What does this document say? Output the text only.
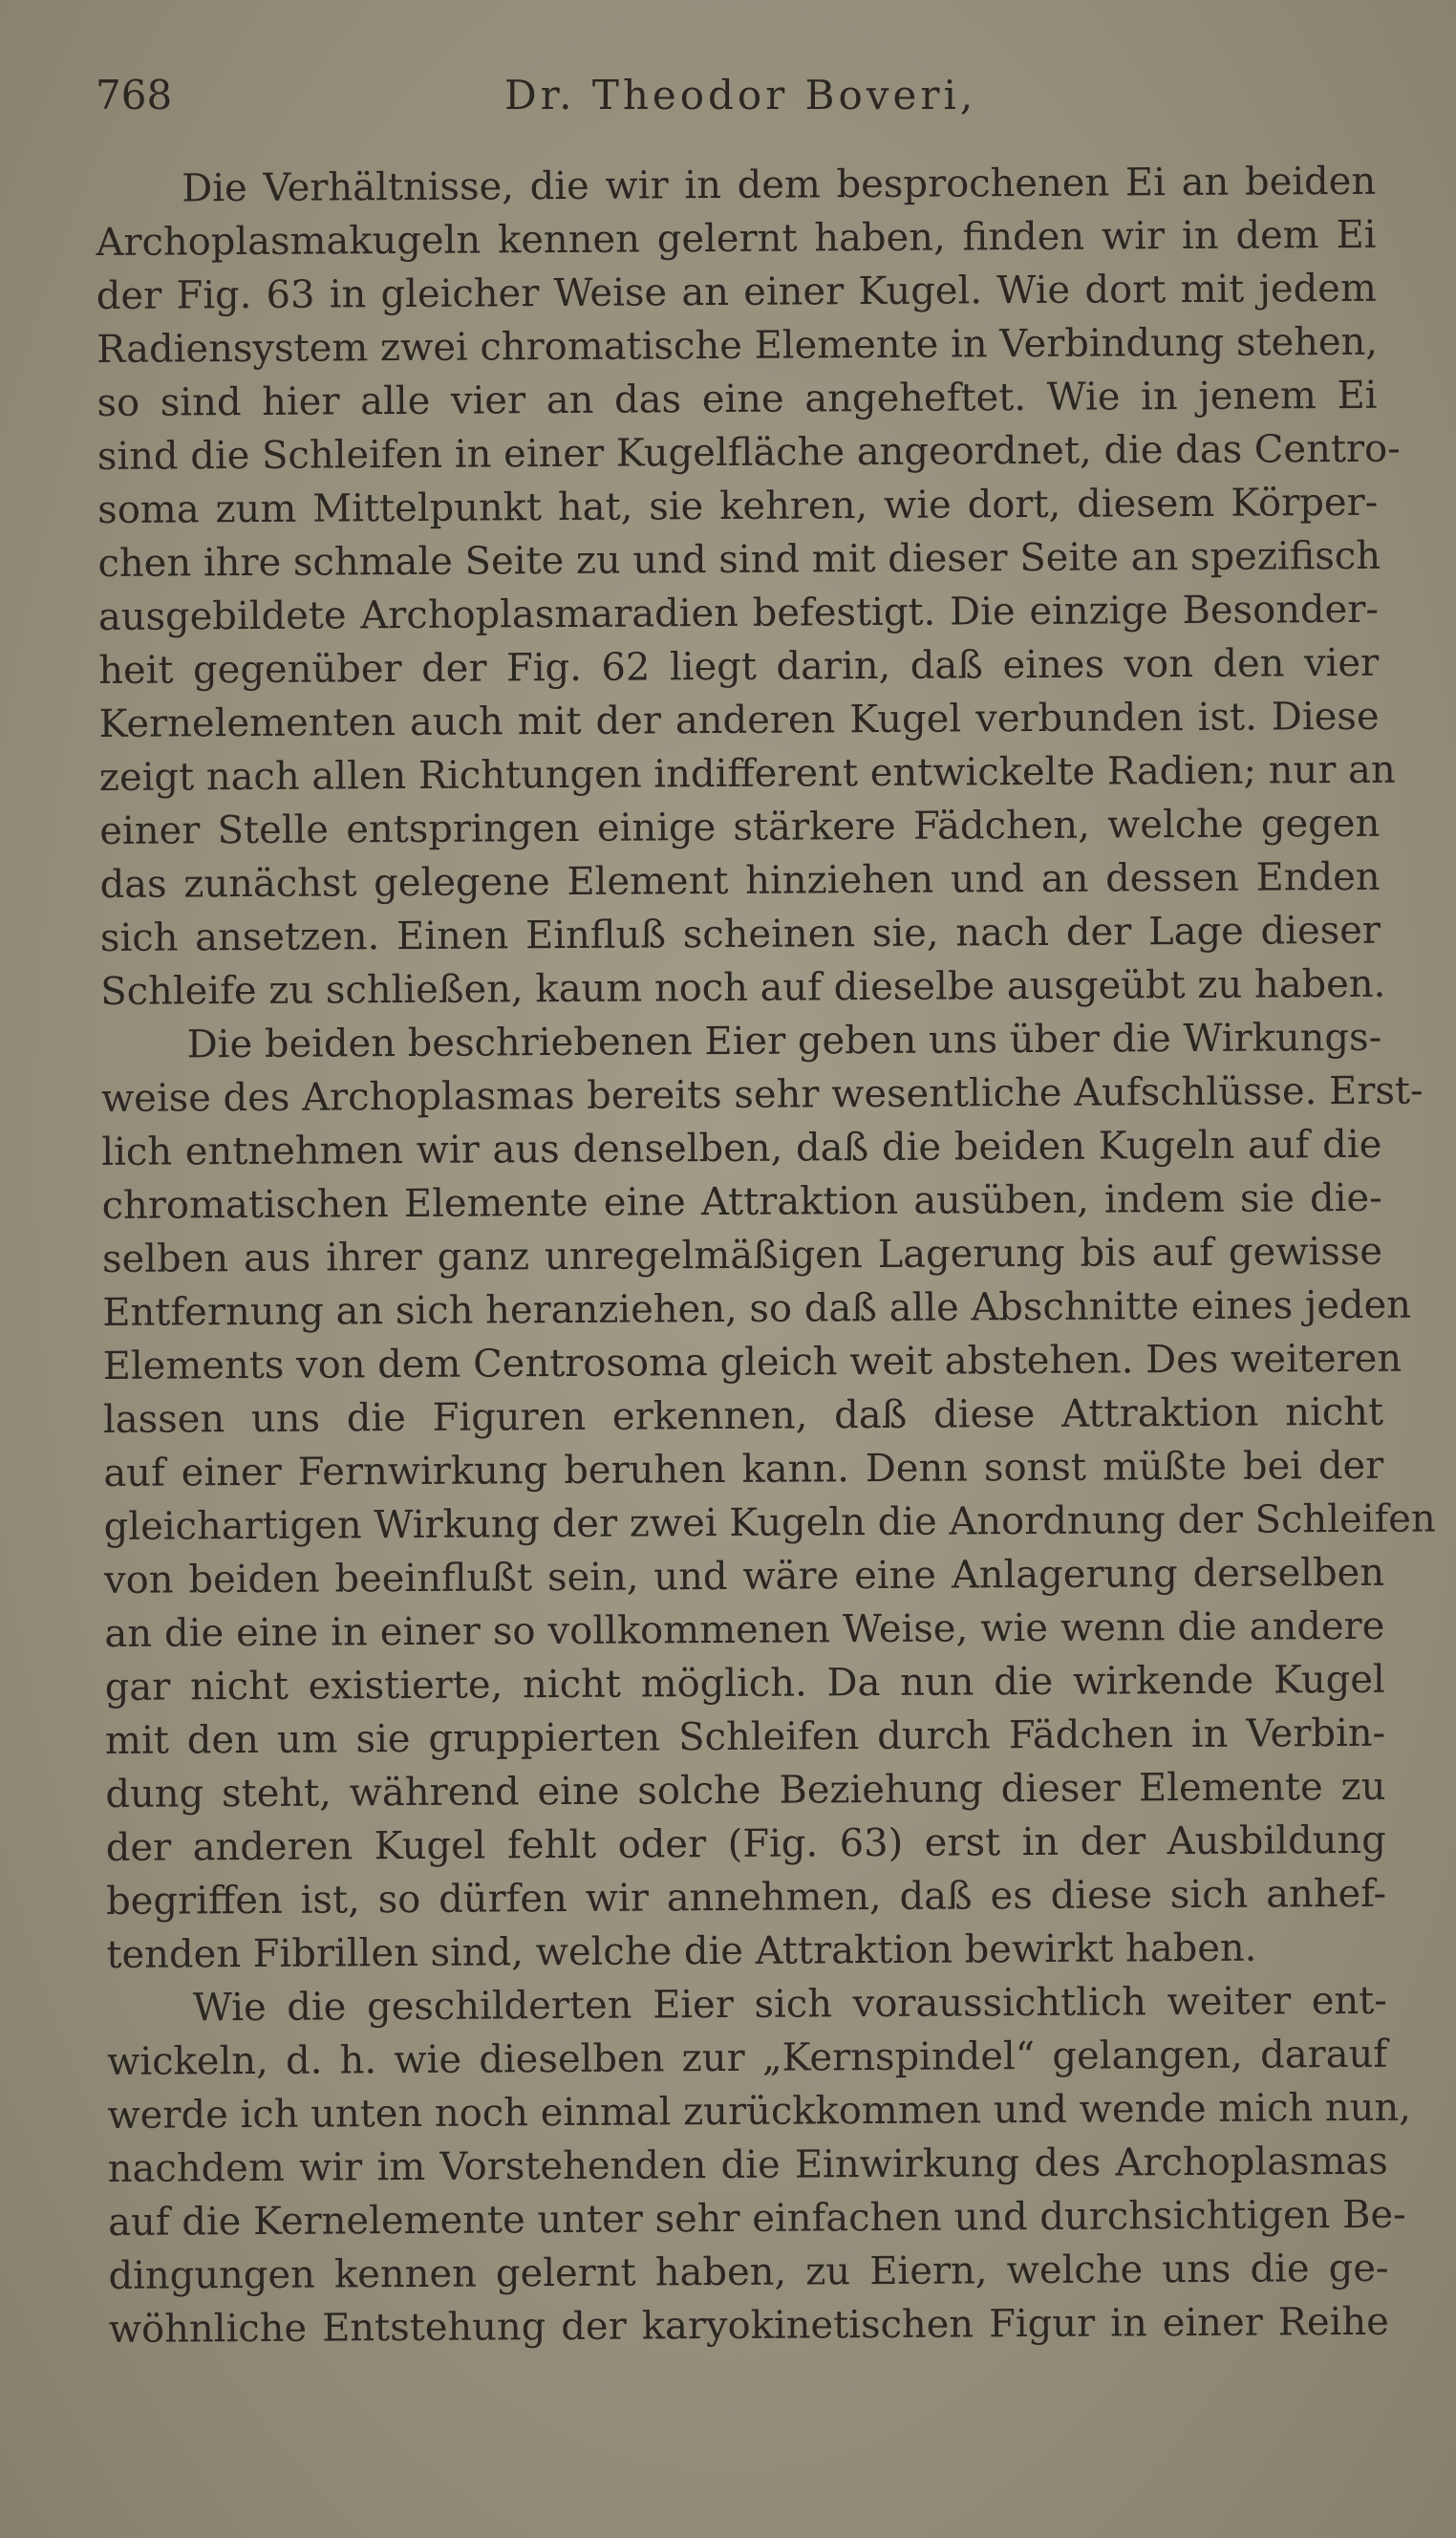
768	Dr. Theodor Boveri,
Die Verhältnisse, die wir in dem besprochenen Ei an beiden
Archoplasmakugeln kennen gelernt haben, finden wir in dem Ei
der Fig. 63 in gleicher Weise an einer Kugel. Wie dort mit jedem
Radiensystem zwei chromatische Elemente in Verbindung stehen,
so sind hier alle vier an das eine angeheftet. Wie in jenem Ei
sind die Schleifen in einer Kugelfläche angeordnet, die das Centro-
soma zum Mittelpunkt hat, sie kehren, wie dort, diesem Körper-
chen ihre schmale Seite zu und sind mit dieser Seite an spezifisch
ausgebildete Archoplasmaradien befestigt. Die einzige Besonder-
heit gegenüber der Fig. 62 liegt darin, daß eines von den vier
Kernelementen auch mit der anderen Kugel verbunden ist. Diese
zeigt nach allen Richtungen indifferent entwickelte Radien; nur an
einer Stelle entspringen einige stärkere Fädchen, welche gegen
das zunächst gelegene Element hinziehen und an dessen Enden
sich ansetzen. Einen Einfluß scheinen sie, nach der Lage dieser
Schleife zu schließen, kaum noch auf dieselbe ausgeübt zu haben.
Die beiden beschriebenen Eier geben uns über die Wirkungs-
weise des Archoplasmas bereits sehr wesentliche Aufschlüsse. Erst-
lich entnehmen wir aus denselben, daß die beiden Kugeln auf die
chromatischen Elemente eine Attraktion ausüben, indem sie die-
selben aus ihrer ganz unregelmäßigen Lagerung bis auf gewisse
Entfernung an sich heranziehen, so daß alle Abschnitte eines jeden
Elements von dem Centrosoma gleich weit abstehen. Des weiteren
lassen uns die Figuren erkennen, daß diese Attraktion nicht
auf einer Fernwirkung beruhen kann. Denn sonst müßte bei der
gleichartigen Wirkung der zwei Kugeln die Anordnung der Schleifen
von beiden beeinflußt sein, und wäre eine Anlagerung derselben
an die eine in einer so vollkommenen Weise, wie wenn die andere
gar nicht existierte, nicht möglich. Da nun die wirkende Kugel
mit den um sie gruppierten Schleifen durch Fädchen in Verbin-
dung steht, während eine solche Beziehung dieser Elemente zu
der anderen Kugel fehlt oder (Fig. 63) erst in der Ausbildung
begriffen ist, so dürfen wir annehmen, daß es diese sich anhef-
tenden Fibrillen sind, welche die Attraktion bewirkt haben.
Wie die geschilderten Eier sich voraussichtlich weiter ent-
wickeln, d. h. wie dieselben zur „Kernspindel“ gelangen, darauf
werde ich unten noch einmal zurückkommen und wende mich nun,
nachdem wir im Vorstehenden die Einwirkung des Archoplasmas
auf die Kernelemente unter sehr einfachen und durchsichtigen Be-
dingungen kennen gelernt haben, zu Eiern, welche uns die ge-
wöhnliche Entstehung der karyokinetischen Figur in einer Reihe
